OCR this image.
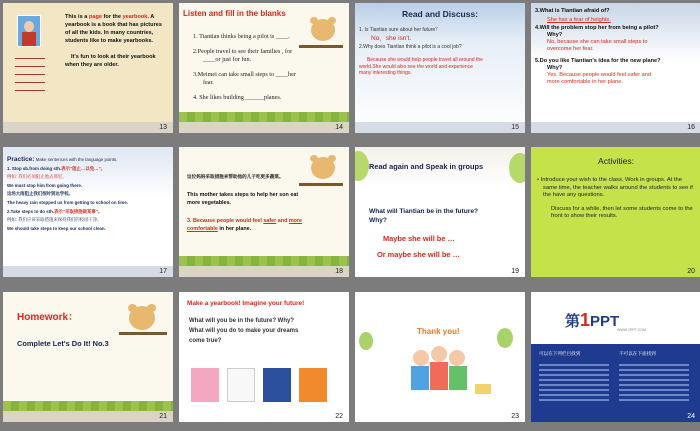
This is a page for the yearbook. A
yearbook is a book that has pictures
of all the kids. In many countries,
students like to make yearbooks.
It's fun to look at their yearbook
when they are older.
13
Listen and fill in the blanks
1. Tiantian thinks being a pilot is ____.
2.People travel to see their families , for
____or just for fun.
3.Meimei can take small steps to ____her
fear.
4. She likes building ______planes.
14
Read and Discuss:
1. Is Tiantian sure about her future？
No，she isn't.
2.Why does Tiantian think a pilot is a cool job?
Because she would help people travel all around the
world.She would also see the world and experience
many interesting things.
15
3.What is Tiantian afraid of?
She has a fear of heights.
4.Will the problem stop her from being a pilot?
Why?
No, because she can take small steps to
overcome her fear.
5.Do you like Tiantian's idea for the new plane?
Why?
Yes. Because people would feel safer and
more comfortable in her plane.
16
Practice: Make sentences with the language points.
1. Stop sb.from doing sth.表示“阻止…以免…”。
例如: 我们必须阻止他去那里。
We must stop him from going there.
这场大雨阻止我们按时到达学校。
The heavy rain stopped us from getting to school on time.
2.Take steps to do sth.表示“采取措施做某事”。
例如: 我们应该采取措施来保持我们的校园干净。
We should take steps to keep our school clean.
17
这位妈妈采取措施来帮助他的儿子吃更多蔬菜。
This mother takes steps to help her son eat
more vegetables.
3. Because people would feel safer and more
comfortable in her plane.
18
Read again and Speak in groups
What will Tiantian be in the future?
Why?
Maybe she will be …
Or maybe she will be …
19
Activities:
• Introduce your wish to the class. Work in groups. At the same time, the teacher walks around the students to see if the have any questions.
Discuss for a while, then let some students come to the
front to show their results.
20
Homework：
Complete Let's Do It! No.3
21
Make a yearbook! Imagine your future!
What will you be in the future? Why?
What will you do to make your dreams
come true?
22
Thank you!
23
第1PPT
WWW.1PPT.COM
可以在下列栏目找到	不可以在下面找到
24
